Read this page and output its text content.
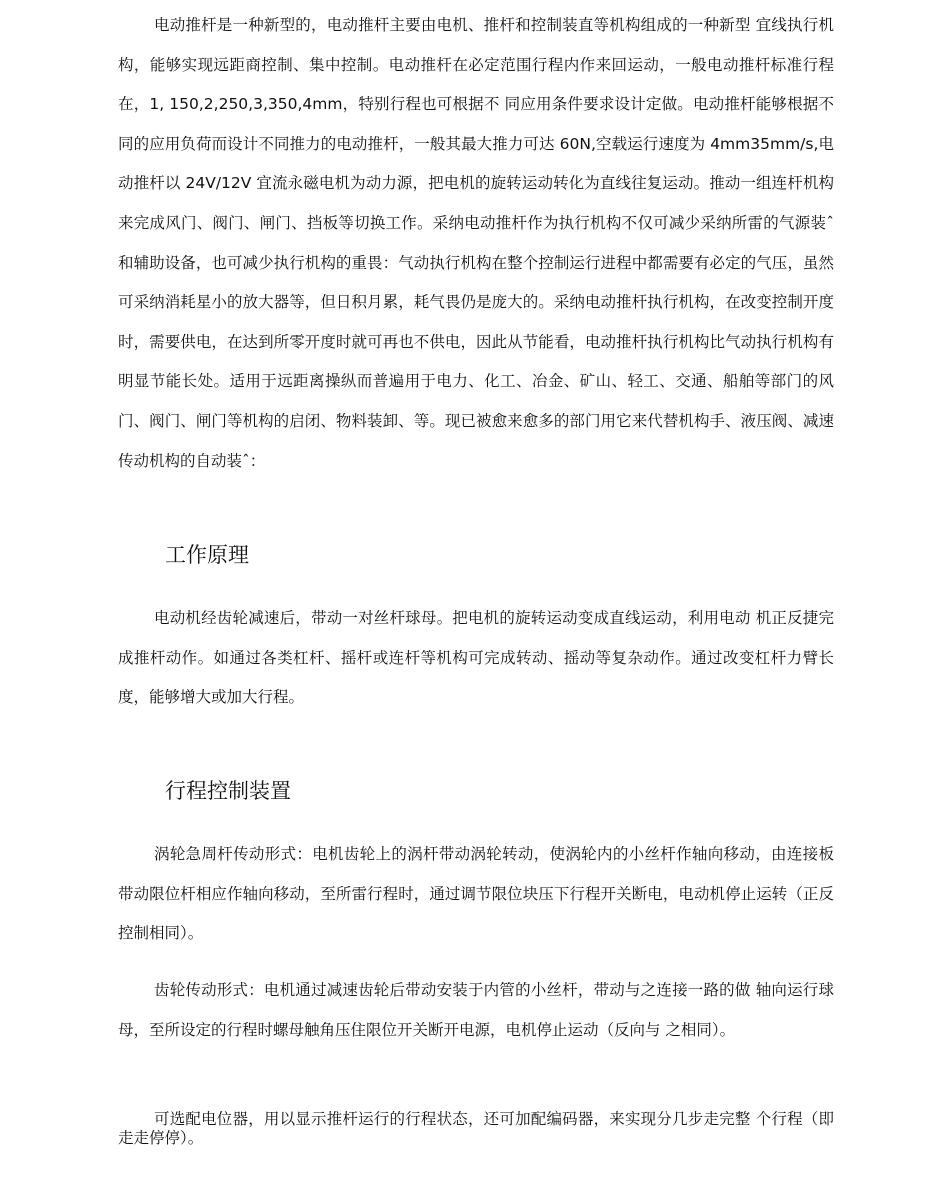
电动推杆是一种新型的，电动推杆主要由电机、推杆和控制装直等机构组成的一种新型 宜线执行机构，能够实现远距商控制、集中控制。电动推杆在必定范围行程内作来回运动，一般电动推杆标准行程在，1, 150,2,250,3,350,4mm，特别行程也可根据不 同应用条件要求设计定做。电动推杆能够根据不同的应用负荷而设计不同推力的电动推杆，一般其最大推力可达 60N,空载运行速度为 4mm35mm/s,电动推杆以 24V/12V 宜流永磁电机为动力源，把电机的旋转运动转化为直线往复运动。推动一组连杆机构来完成风门、阀门、闸门、挡板等切换工作。采纳电动推杆作为执行机构不仅可减少采纳所雷的气源装ˆ和辅助设备，也可减少执行机构的重畏：气动执行机构在整个控制运行进程中都需要有必定的气压，虽然可采纳消耗星小的放大器等，但日积月累，耗气畏仍是庞大的。采纳电动推杆执行机构，在改变控制开度时，需要供电，在达到所零开度时就可再也不供电，因此从节能看，电动推杆执行机构比气动执行机构有明显节能长处。适用于远距离操纵而普遍用于电力、化工、冶金、矿山、轻工、交通、船舶等部门的风门、阀门、闸门等机构的启闭、物料装卸、等。现已被愈来愈多的部门用它来代替机构手、液压阀、减速传动机构的自动装ˆ：

工作原理

电动机经齿轮减速后，带动一对丝杆球母。把电机的旋转运动变成直线运动，利用电动 机正反捷完成推杆动作。如通过各类杠杆、摇杆或连杆等机构可完成转动、摇动等复杂动作。通过改变杠杆力臂长度，能够增大或加大行程。

行程控制装置

涡轮急周杆传动形式：电机齿轮上的涡杆带动涡轮转动，使涡轮内的小丝杆作轴向移动，由连接板带动限位杆相应作轴向移动，至所雷行程时，通过调节限位块压下行程开关断电，电动机停止运转（正反控制相同）。

齿轮传动形式：电机通过减速齿轮后带动安装于内管的小丝杆，带动与之连接一路的做 轴向运行球母，至所设定的行程时螺母触角压住限位开关断开电源，电机停止运动（反向与 之相同）。

可选配电位器，用以显示推杆运行的行程状态，还可加配编码器，来实现分几步走完整 个行程（即走走停停）。
